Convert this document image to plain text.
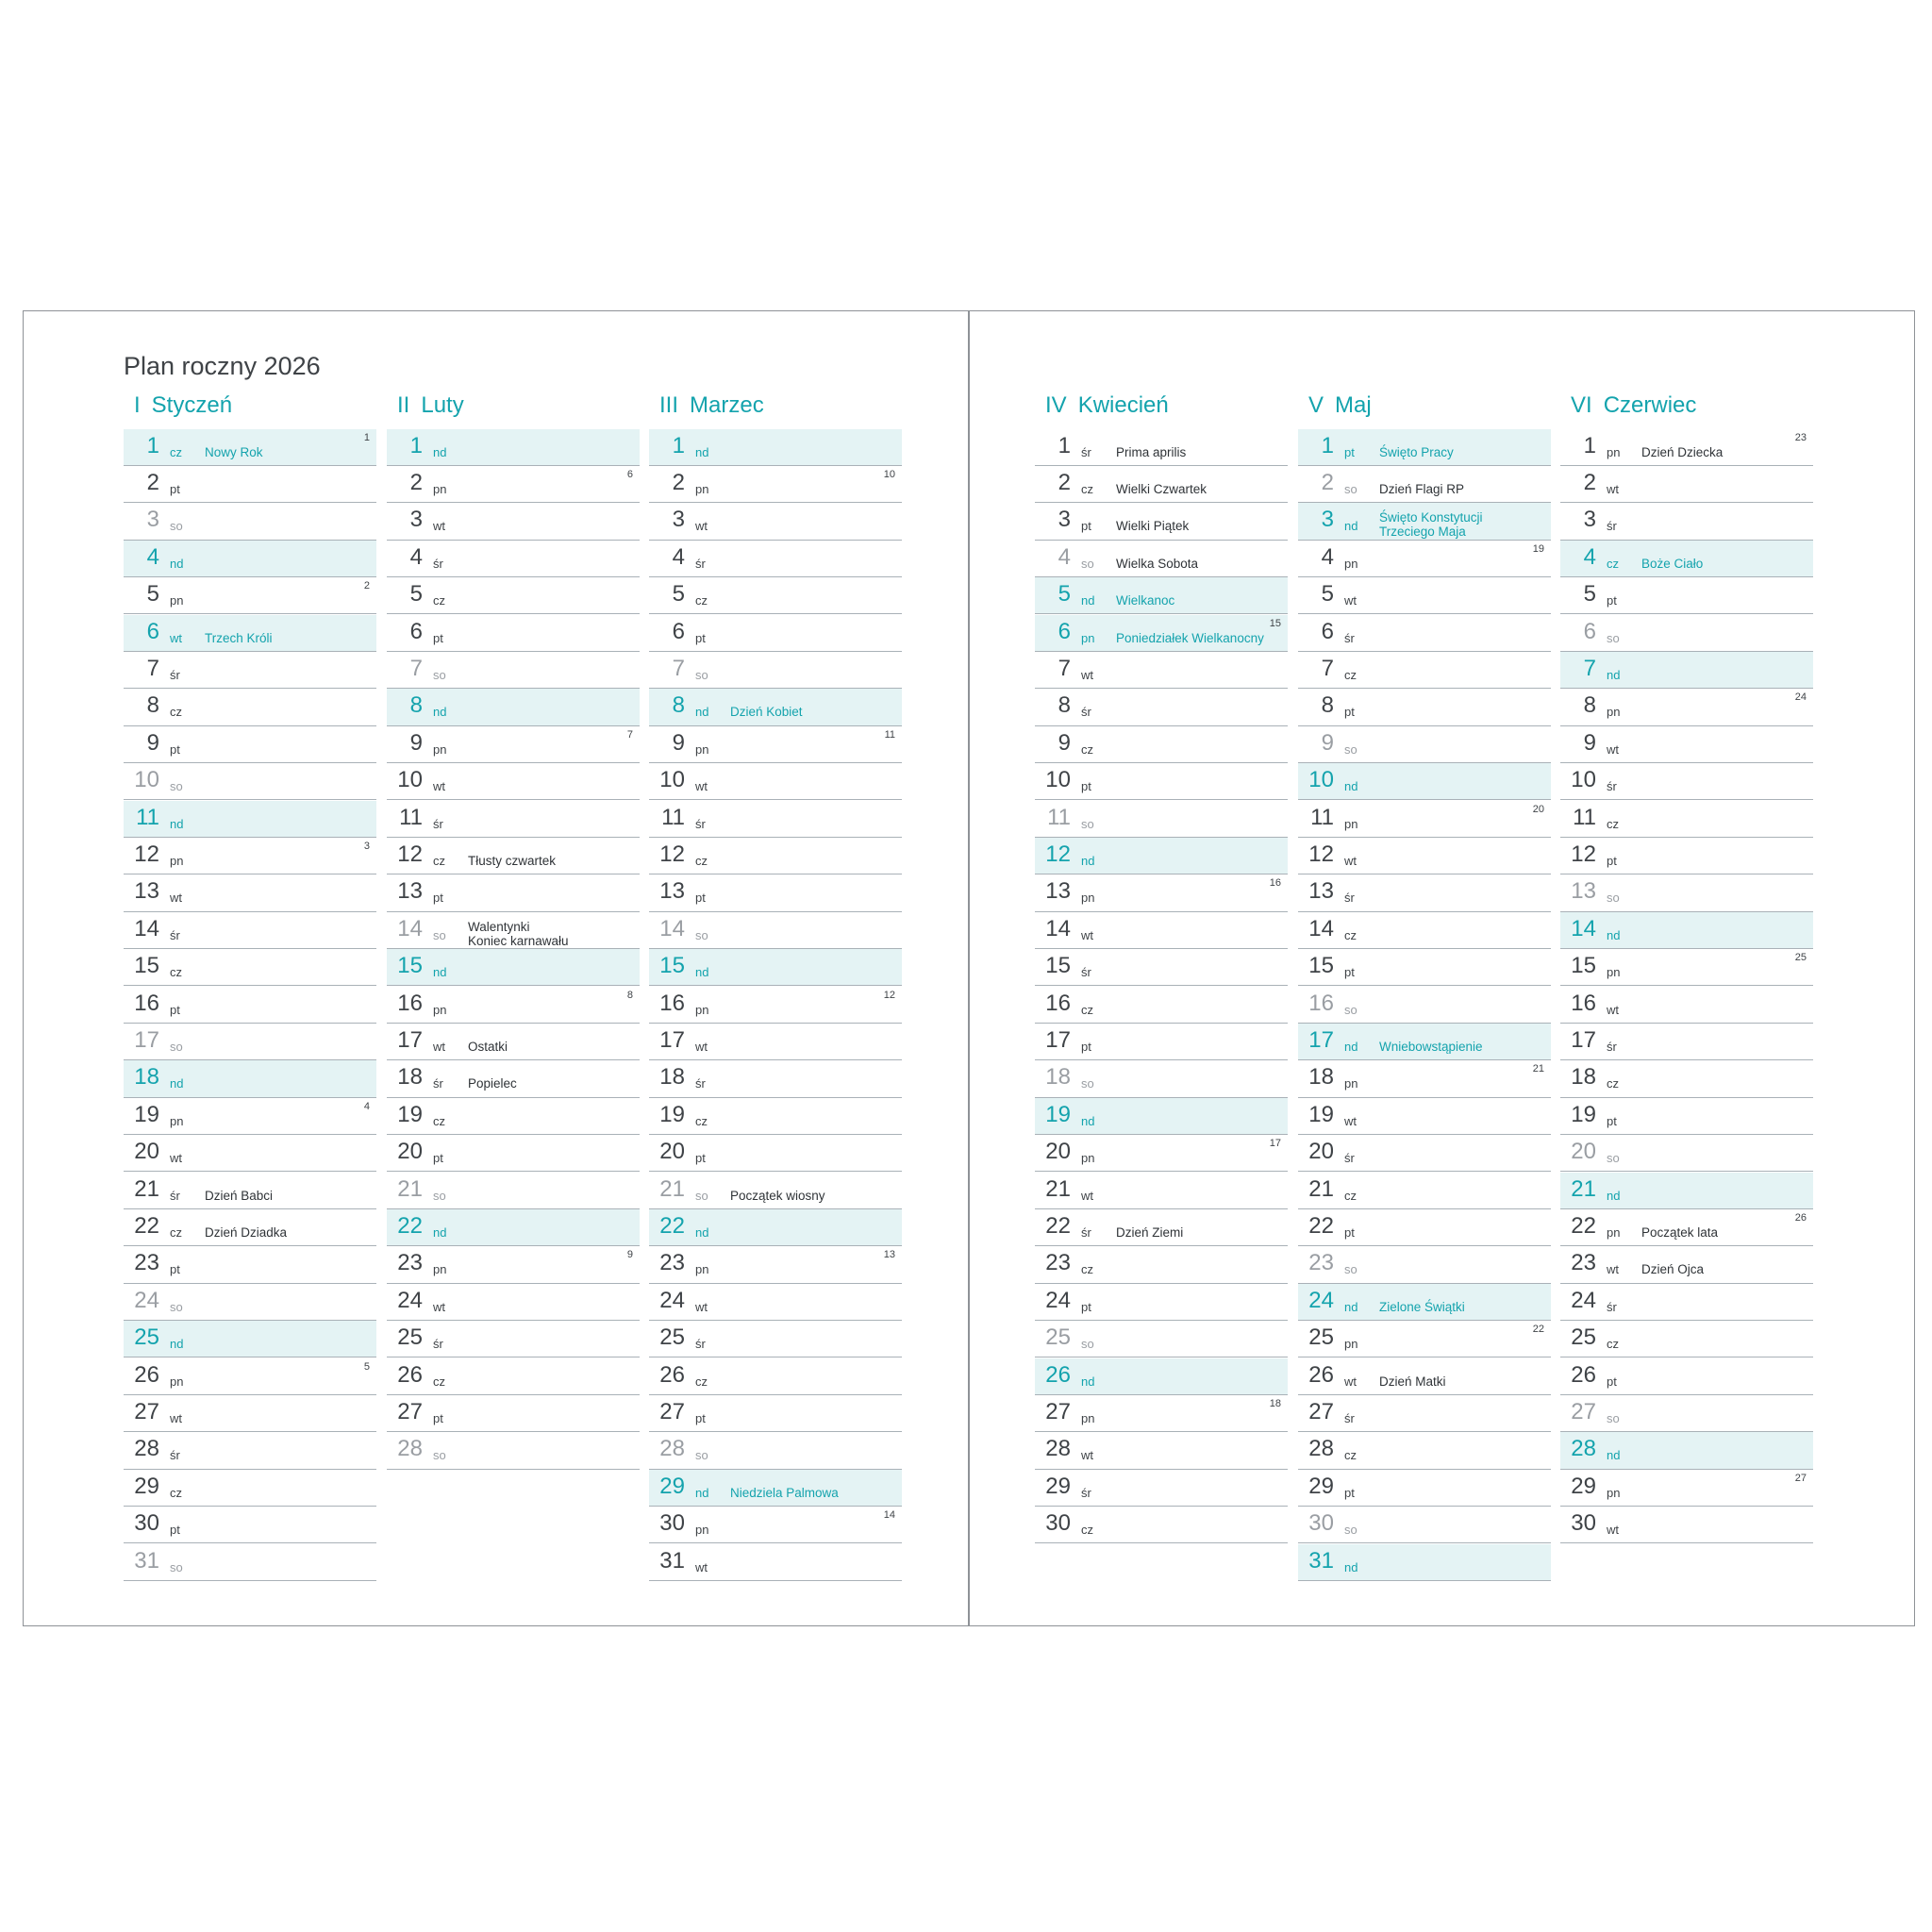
Plan roczny 2026
I Styczeń
1 cz Nowy Rok
1
2 pt
3 so
4 nd
5 pn
2
6 wt Trzech Króli
7 śr
8 cz
9 pt
10 so
11 nd
12 pn
3
13 wt
14 śr
15 cz
16 pt
17 so
18 nd
19 pn
4
20 wt
21 śr Dzień Babci
22 cz Dzień Dziadka
23 pt
24 so
25 nd
26 pn
5
27 wt
28 śr
29 cz
30 pt
31 so
II Luty
1 nd
2 pn
6
3 wt
4 śr
5 cz
6 pt
7 so
8 nd
9 pn
7
10 wt
11 śr
12 cz Tłusty czwartek
13 pt
14 so
Walentynki
Koniec karnawału
15 nd
16 pn
8
17 wt Ostatki
18 śr Popielec
19 cz
20 pt
21 so
22 nd
23 pn
9
24 wt
25 śr
26 cz
27 pt
28 so
III Marzec
1 nd
2 pn
10
3 wt
4 śr
5 cz
6 pt
7 so
8 nd Dzień Kobiet
9 pn
11
10 wt
11 śr
12 cz
13 pt
14 so
15 nd
16 pn
12
17 wt
18 śr
19 cz
20 pt
21 so Początek wiosny
22 nd
23 pn
13
24 wt
25 śr
26 cz
27 pt
28 so
29 nd Niedziela Palmowa
30 pn
14
31 wt
IV Kwiecień
1 śr Prima aprilis
2 cz Wielki Czwartek
3 pt Wielki Piątek
4 so Wielka Sobota
5 nd Wielkanoc
6 pn Poniedziałek Wielkanocny
15
7 wt
8 śr
9 cz
10 pt
11 so
12 nd
13 pn
16
14 wt
15 śr
16 cz
17 pt
18 so
19 nd
20 pn
17
21 wt
22 śr Dzień Ziemi
23 cz
24 pt
25 so
26 nd
27 pn
18
28 wt
29 śr
30 cz
V Maj
1 pt Święto Pracy
2 so Dzień Flagi RP
3 nd
Święto Konstytucji
Trzeciego Maja
4 pn
19
5 wt
6 śr
7 cz
8 pt
9 so
10 nd
11 pn
20
12 wt
13 śr
14 cz
15 pt
16 so
17 nd Wniebowstąpienie
18 pn
21
19 wt
20 śr
21 cz
22 pt
23 so
24 nd Zielone Świątki
25 pn
22
26 wt Dzień Matki
27 śr
28 cz
29 pt
30 so
31 nd
VI Czerwiec
1 pn Dzień Dziecka
23
2 wt
3 śr
4 cz Boże Ciało
5 pt
6 so
7 nd
8 pn
24
9 wt
10 śr
11 cz
12 pt
13 so
14 nd
15 pn
25
16 wt
17 śr
18 cz
19 pt
20 so
21 nd
22 pn Początek lata
26
23 wt Dzień Ojca
24 śr
25 cz
26 pt
27 so
28 nd
29 pn
27
30 wt
